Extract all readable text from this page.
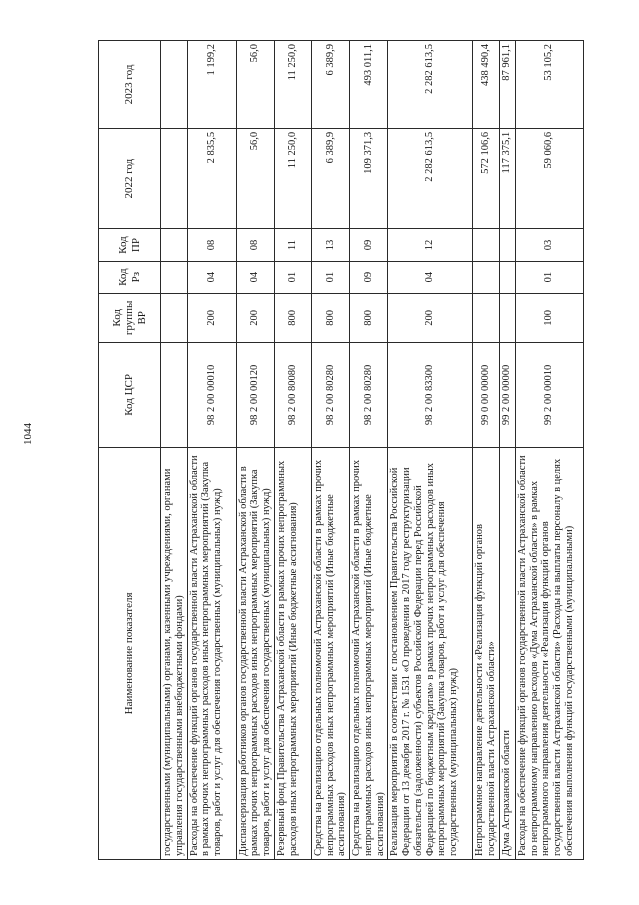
1044
Наименование показателя	Код ЦСР	Код группы ВР	Код Рз	Код ПР	2022 год	2023 год
государственными (муниципальными) органами, казенными учреждениями, органами управления государственными внебюджетными фондами)						
Расходы на обеспечение функций органов государственной власти Астраханской области в рамках прочих непрограммных расходов иных непрограммных мероприятий (Закупка товаров, работ и услуг для обеспечения государственных (муниципальных) нужд)	98 2 00 00010	200	04	08	2 835,5	1 199,2
Диспансеризация работников органов государственной власти Астраханской области в рамках прочих непрограммных расходов иных непрограммных мероприятий (Закупка товаров, работ и услуг для обеспечения государственных (муниципальных) нужд)	98 2 00 00120	200	04	08	56,0	56,0
Резервный фонд Правительства Астраханской области в рамках прочих непрограммных расходов иных непрограммных мероприятий (Иные бюджетные ассигнования)	98 2 00 80080	800	01	11	11 250,0	11 250,0
Средства на реализацию отдельных полномочий Астраханской области в рамках прочих непрограммных расходов иных непрограммных мероприятий (Иные бюджетные ассигнования)	98 2 00 80280	800	01	13	6 389,9	6 389,9
Средства на реализацию отдельных полномочий Астраханской области в рамках прочих непрограммных расходов иных непрограммных мероприятий (Иные бюджетные ассигнования)	98 2 00 80280	800	09	09	109 371,3	493 011,1
Реализация мероприятий в соответствии с постановлением Правительства Российской Федерации от 13 декабря 2017 г. № 1531 «О проведении в 2017 году реструктуризации обязательств (задолженности) субъектов Российской Федерации перед Российской Федерацией по бюджетным кредитам» в рамках прочих непрограммных расходов иных непрограммных мероприятий (Закупка товаров, работ и услуг для обеспечения государственных (муниципальных) нужд)	98 2 00 83300	200	04	12	2 282 613,5	2 282 613,5
Непрограммное направление деятельности «Реализация функций органов государственной власти Астраханской области»	99 0 00 00000				572 106,6	438 490,4
Дума Астраханской области	99 2 00 00000				117 375,1	87 961,1
Расходы на обеспечение функций органов государственной власти Астраханской области по непрограммному направлению расходов «Дума Астраханской области» в рамках непрограммного направления деятельности «Реализация функций органов государственной власти Астраханской области» (Расходы на выплаты персоналу в целях обеспечения выполнения функций государственными (муниципальными)	99 2 00 00010	100	01	03	59 060,6	53 105,2
